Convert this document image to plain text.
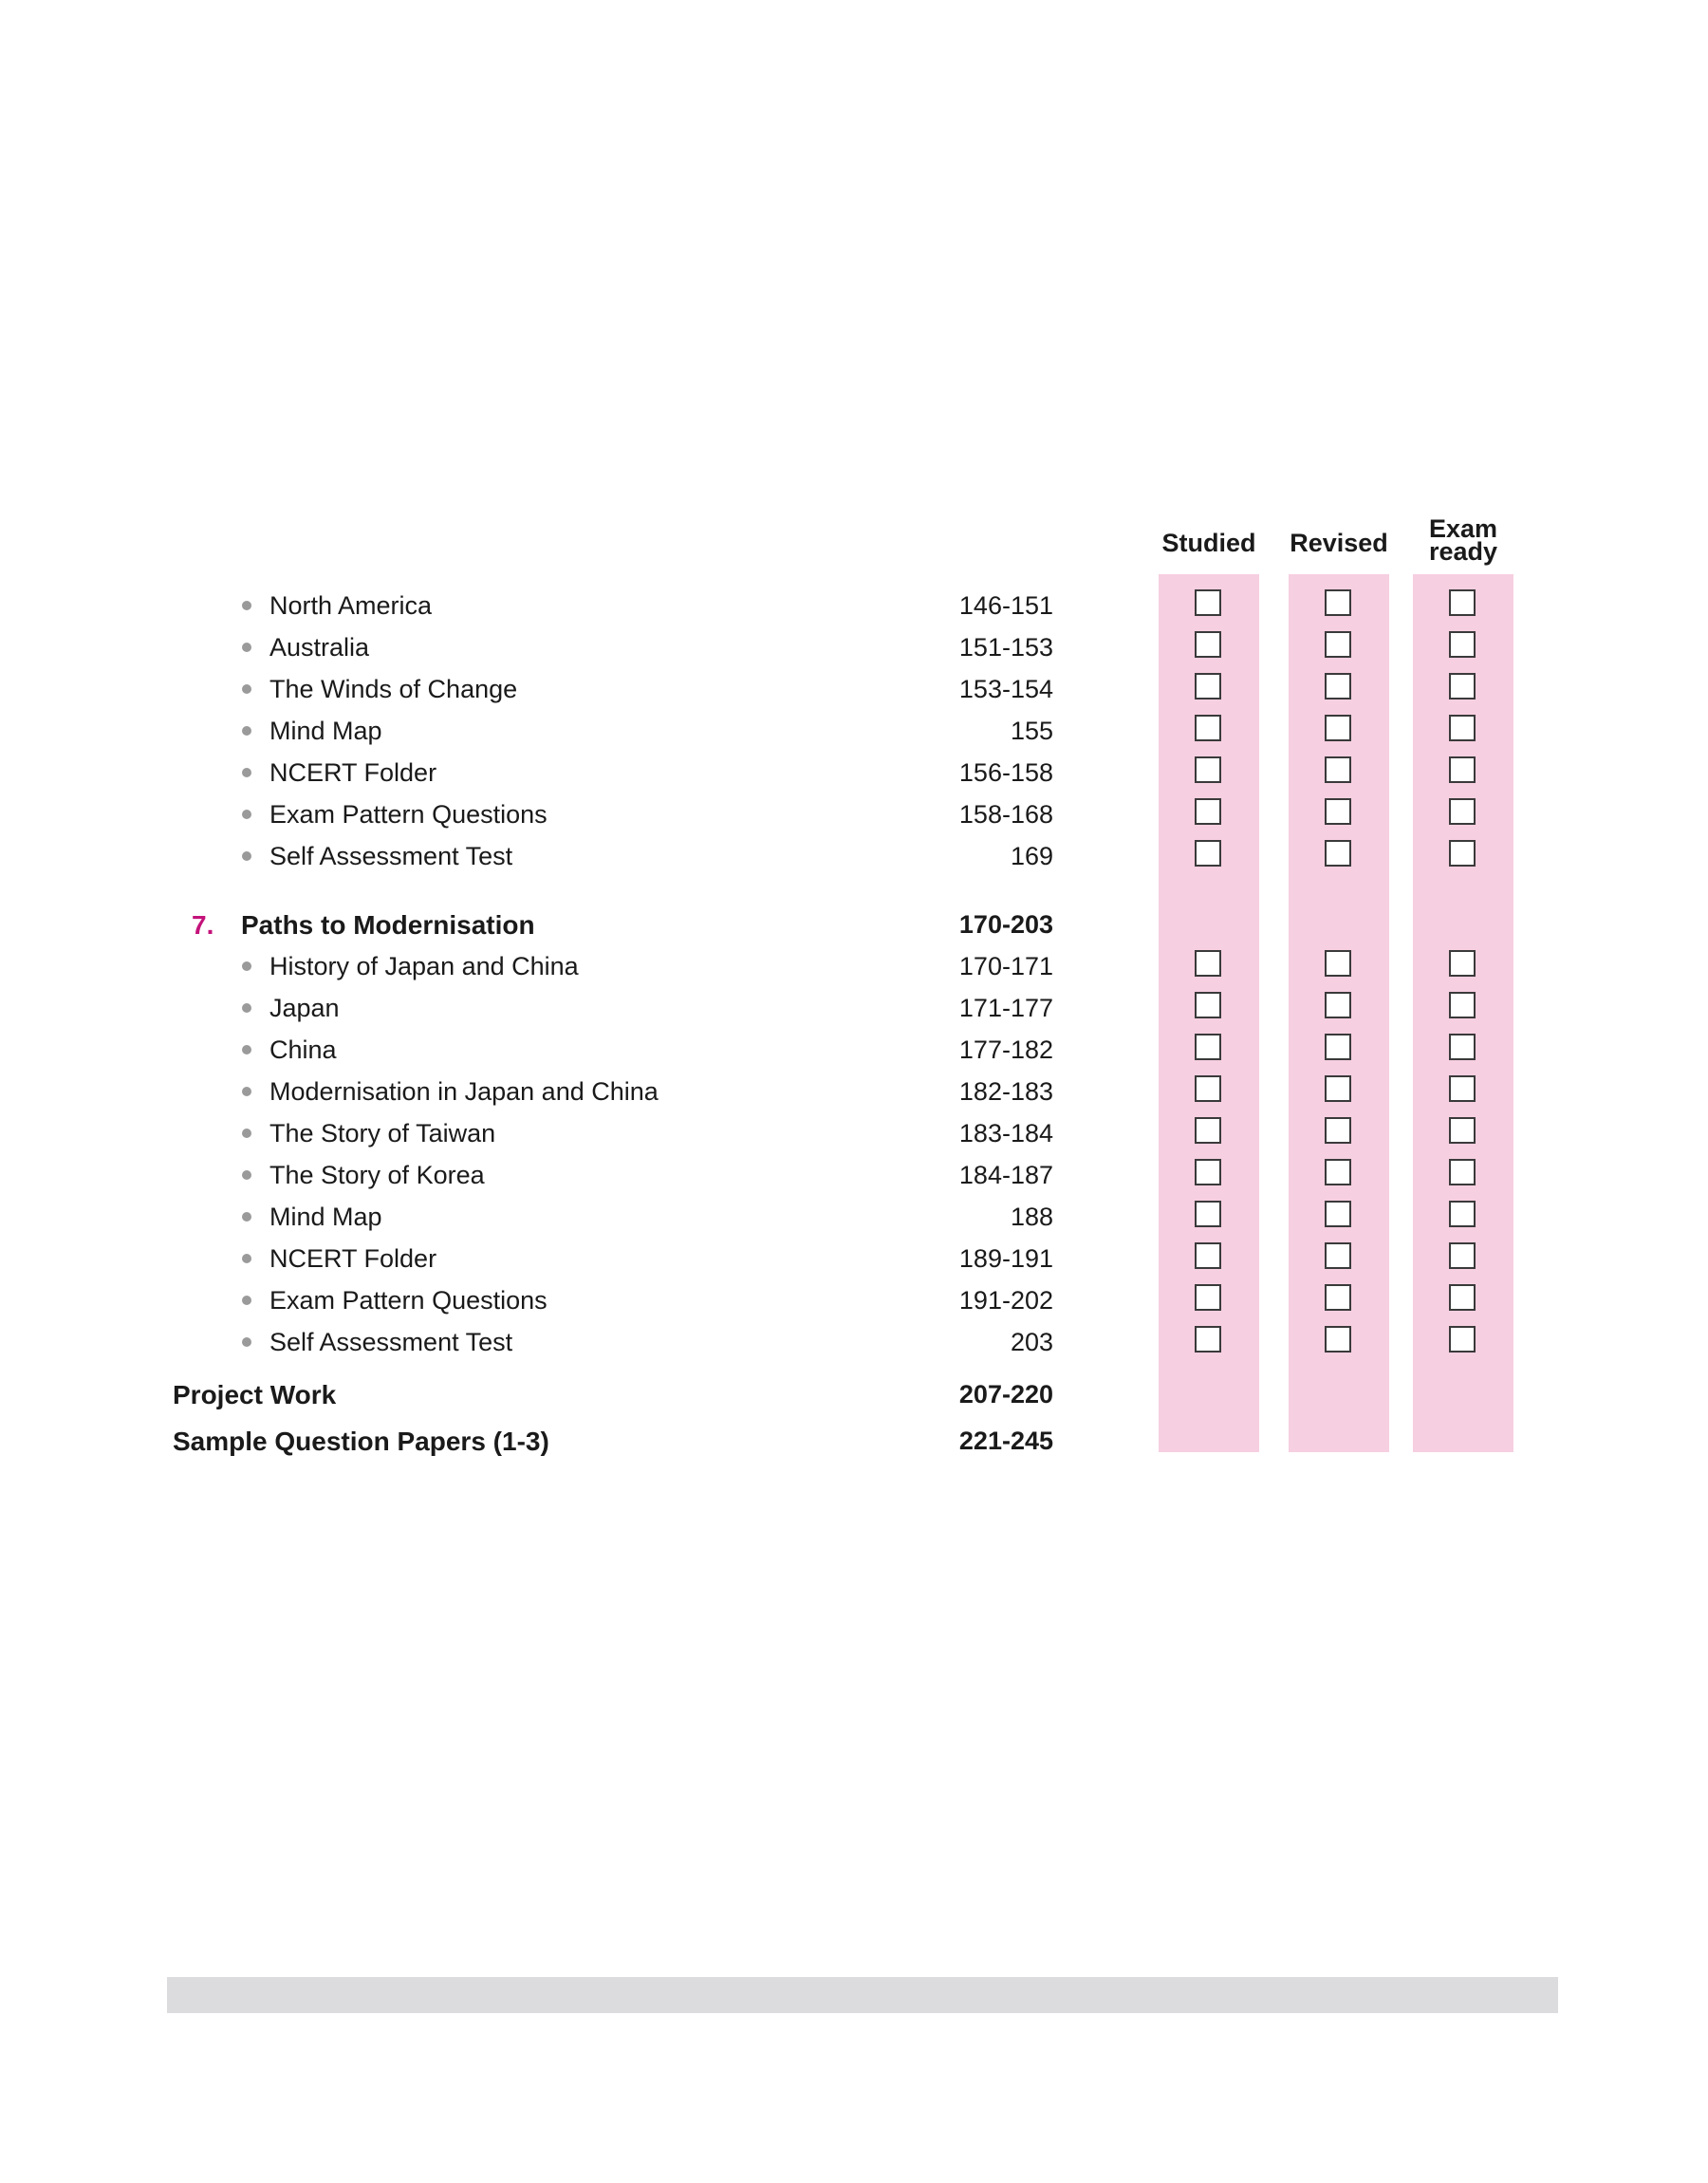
Studied	Revised	Exam
ready
North America	146-151
Australia	151-153
The Winds of Change	153-154
Mind Map	155
NCERT Folder	156-158
Exam Pattern Questions	158-168
Self Assessment Test	169
7. Paths to Modernisation	170-203
History of Japan and China	170-171
Japan	171-177
China	177-182
Modernisation in Japan and China	182-183
The Story of Taiwan	183-184
The Story of Korea	184-187
Mind Map	188
NCERT Folder	189-191
Exam Pattern Questions	191-202
Self Assessment Test	203
Project Work	207-220
Sample Question Papers (1-3)	221-245
